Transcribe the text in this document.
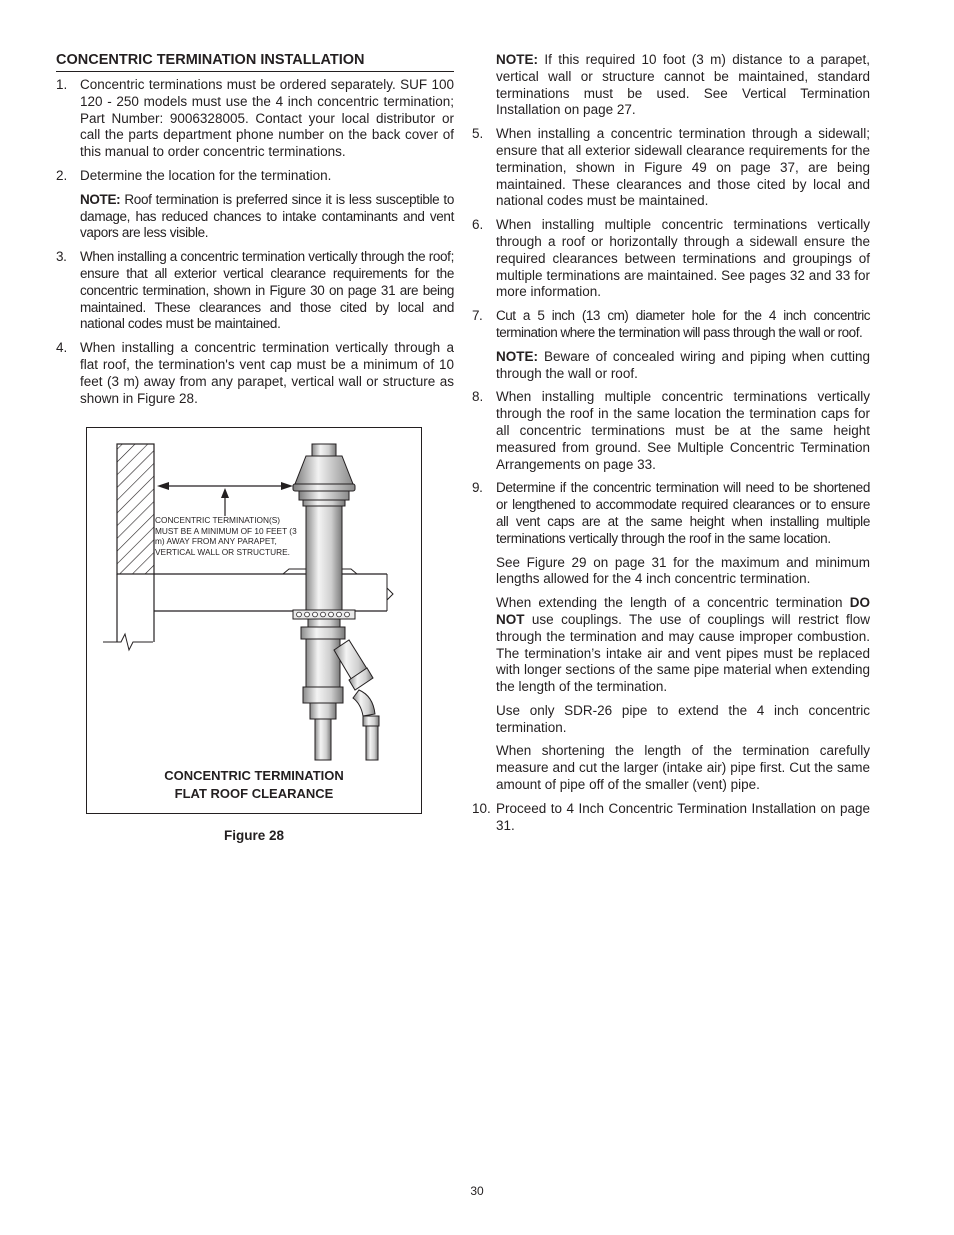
CONCENTRIC TERMINATION INSTALLATION
1. Concentric terminations must be ordered separately. SUF 100 120 - 250 models must use the 4 inch concentric termination; Part Number: 9006328005. Contact your local distributor or call the parts department phone number on the back cover of this manual to order concentric terminations.
2. Determine the location for the termination.
NOTE: Roof termination is preferred since it is less susceptible to damage, has reduced chances to intake contaminants and vent vapors are less visible.
3. When installing a concentric termination vertically through the roof; ensure that all exterior vertical clearance requirements for the concentric termination, shown in Figure 30 on page 31 are being maintained. These clearances and those cited by local and national codes must be maintained.
4. When installing a concentric termination vertically through a flat roof, the termination's vent cap must be a minimum of 10 feet (3 m) away from any parapet, vertical wall or structure as shown in Figure 28.
CONCENTRIC TERMINATION(S) MUST BE A MINIMUM OF 10 FEET (3 m) AWAY FROM ANY PARAPET, VERTICAL WALL OR STRUCTURE.
CONCENTRIC TERMINATION
FLAT ROOF CLEARANCE
Figure 28
NOTE: If this required 10 foot (3 m) distance to a parapet, vertical wall or structure cannot be maintained, standard terminations must be used. See Vertical Termination Installation on page 27.
5. When installing a concentric termination through a sidewall; ensure that all exterior sidewall clearance requirements for the termination, shown in Figure 49 on page 37, are being maintained. These clearances and those cited by local and national codes must be maintained.
6. When installing multiple concentric terminations vertically through a roof or horizontally through a sidewall ensure the required clearances between terminations and groupings of multiple terminations are maintained. See pages 32 and 33 for more information.
7. Cut a 5 inch (13 cm) diameter hole for the 4 inch concentric termination where the termination will pass through the wall or roof.
NOTE: Beware of concealed wiring and piping when cutting through the wall or roof.
8. When installing multiple concentric terminations vertically through the roof in the same location the termination caps for all concentric terminations must be at the same height measured from ground. See Multiple Concentric Termination Arrangements on page 33.
9. Determine if the concentric termination will need to be shortened or lengthened to accommodate required clearances or to ensure all vent caps are at the same height when installing multiple terminations vertically through the roof in the same location.
See Figure 29 on page 31 for the maximum and minimum lengths allowed for the 4 inch concentric termination.
When extending the length of a concentric termination DO NOT use couplings. The use of couplings will restrict flow through the termination and may cause improper combustion. The termination’s intake air and vent pipes must be replaced with longer sections of the same pipe material when extending the length of the termination.
Use only SDR-26 pipe to extend the 4 inch concentric termination.
When shortening the length of the termination carefully measure and cut the larger (intake air) pipe first. Cut the same amount of pipe off of the smaller (vent) pipe.
10. Proceed to 4 Inch Concentric Termination Installation on page 31.
30
